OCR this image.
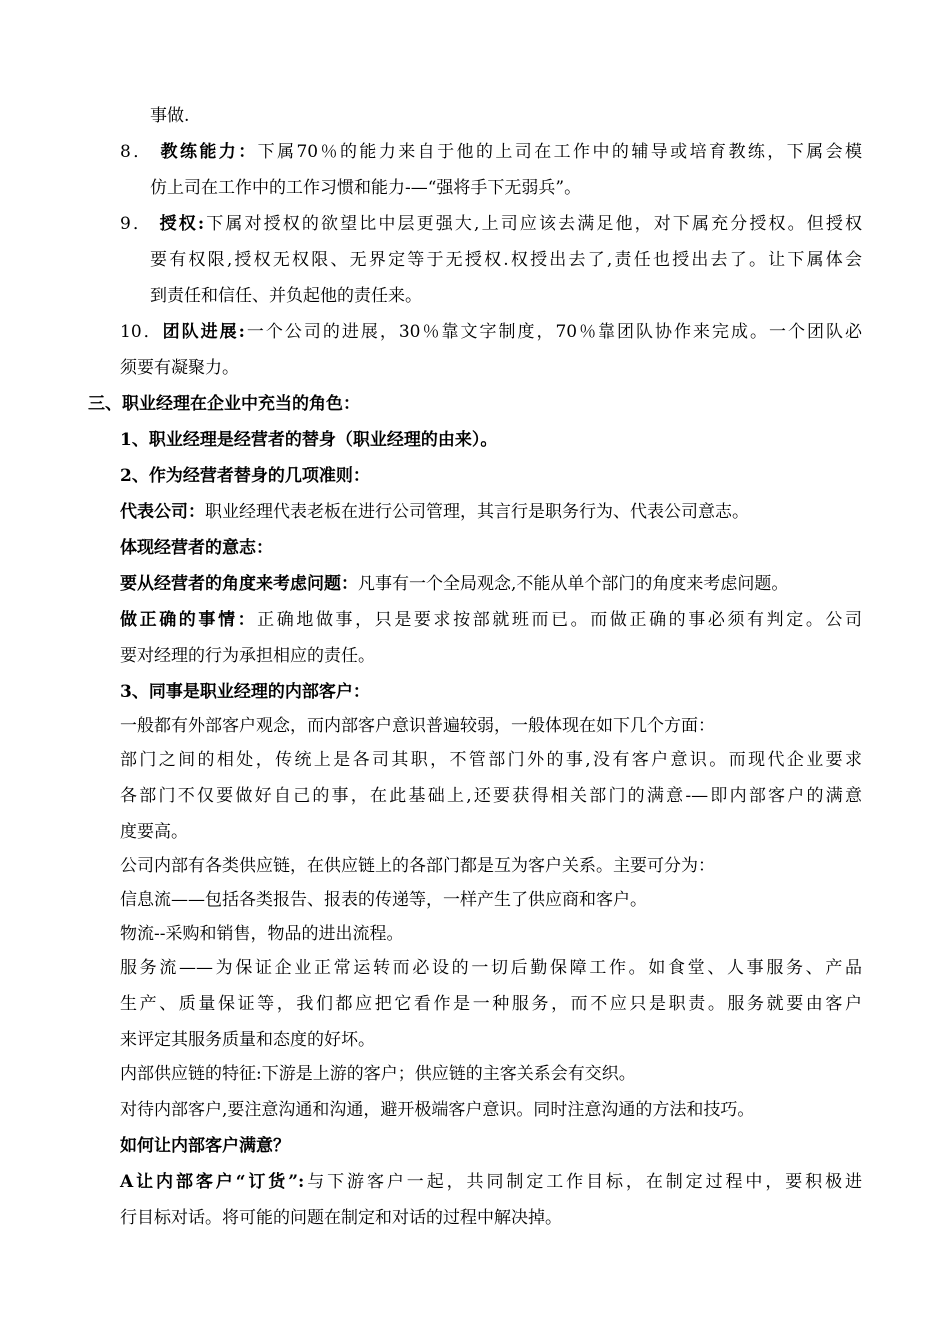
事做.
8． 教练能力：下属70％的能力来自于他的上司在工作中的辅导或培育教练，下属会模
仿上司在工作中的工作习惯和能力-—“强将手下无弱兵”。
9． 授权:下属对授权的欲望比中层更强大,上司应该去满足他，对下属充分授权。但授权
要有权限,授权无权限、无界定等于无授权.权授出去了,责任也授出去了。让下属体会
到责任和信任、并负起他的责任来。
10．团队进展:一个公司的进展，30％靠文字制度，70％靠团队协作来完成。一个团队必
须要有凝聚力。
三、职业经理在企业中充当的角色：
1、职业经理是经营者的替身（职业经理的由来）。
2、作为经营者替身的几项准则：
代表公司：职业经理代表老板在进行公司管理，其言行是职务行为、代表公司意志。
体现经营者的意志：
要从经营者的角度来考虑问题：凡事有一个全局观念,不能从单个部门的角度来考虑问题。
做正确的事情：正确地做事，只是要求按部就班而已。而做正确的事必须有判定。公司
要对经理的行为承担相应的责任。
3、同事是职业经理的内部客户：
一般都有外部客户观念，而内部客户意识普遍较弱，一般体现在如下几个方面：
部门之间的相处，传统上是各司其职，不管部门外的事,没有客户意识。而现代企业要求
各部门不仅要做好自己的事，在此基础上,还要获得相关部门的满意-—即内部客户的满意
度要高。
公司内部有各类供应链，在供应链上的各部门都是互为客户关系。主要可分为：
信息流——包括各类报告、报表的传递等，一样产生了供应商和客户。
物流--采购和销售，物品的进出流程。
服务流——为保证企业正常运转而必设的一切后勤保障工作。如食堂、人事服务、产品
生产、质量保证等，我们都应把它看作是一种服务，而不应只是职责。服务就要由客户
来评定其服务质量和态度的好坏。
内部供应链的特征:下游是上游的客户；供应链的主客关系会有交织。
对待内部客户,要注意沟通和沟通，避开极端客户意识。同时注意沟通的方法和技巧。
如何让内部客户满意？
A让内部客户“订货”:与下游客户一起，共同制定工作目标，在制定过程中，要积极进
行目标对话。将可能的问题在制定和对话的过程中解决掉。
